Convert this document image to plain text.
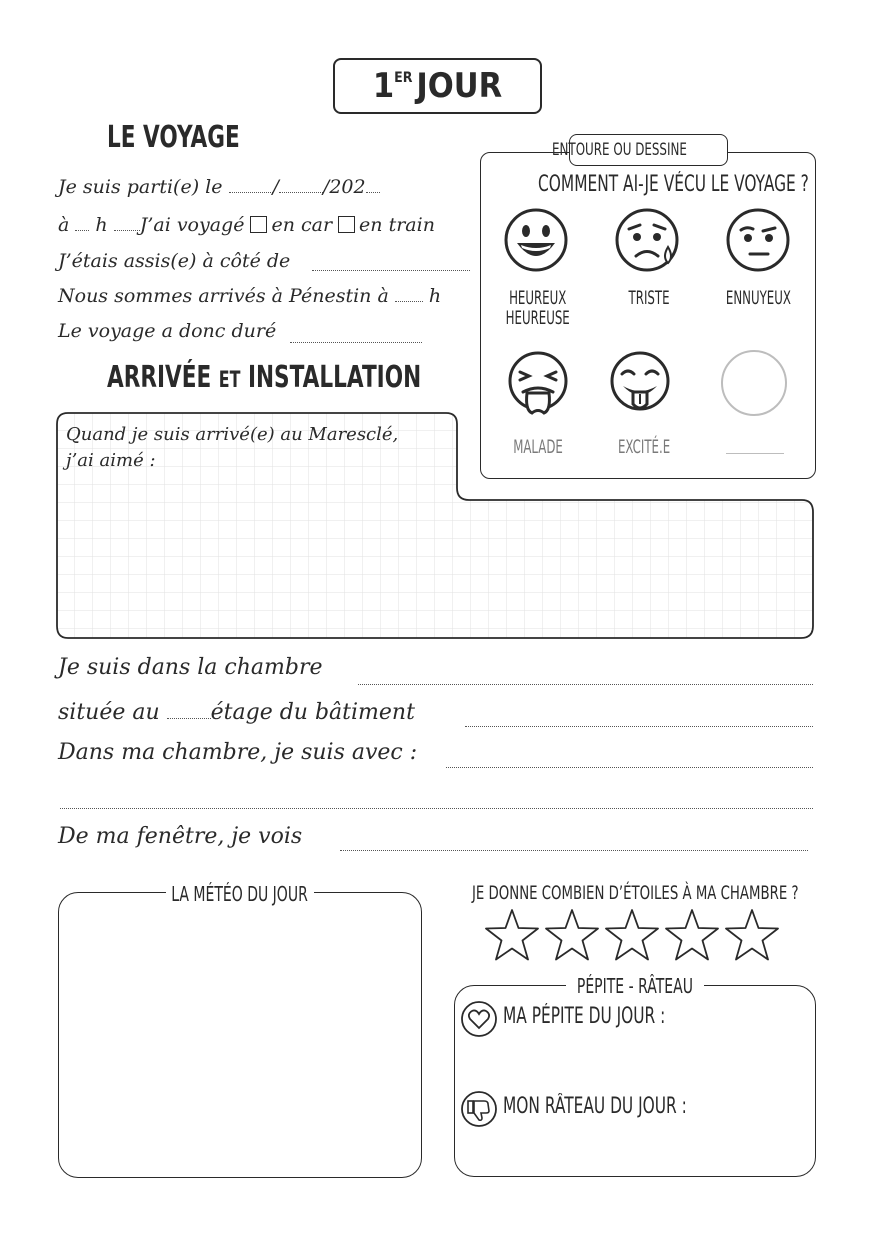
1ER JOUR
LE VOYAGE
Je suis parti(e) le	/ /202
à h J’ai voyagé en car en train
J’étais assis(e) à côté de
Nous sommes arrivés à Pénestin à h
Le voyage a donc duré
ENTOURE OU DESSINE
COMMENT AI-JE VÉCU LE VOYAGE ?
HEUREUX
HEUREUSE
TRISTE	ENNUYEUX
MALADE	EXCITÉ.E
ARRIVÉE ET INSTALLATION
Quand je suis arrivé(e) au Maresclé,
j’ai aimé :
Je suis dans la chambre
située au étage du bâtiment
Dans ma chambre, je suis avec :
De ma fenêtre, je vois
LA MÉTÉO DU JOUR	JE DONNE COMBIEN D’ÉTOILES À MA CHAMBRE ?
PÉPITE - RÂTEAU
MA PÉPITE DU JOUR :
MON RÂTEAU DU JOUR :
